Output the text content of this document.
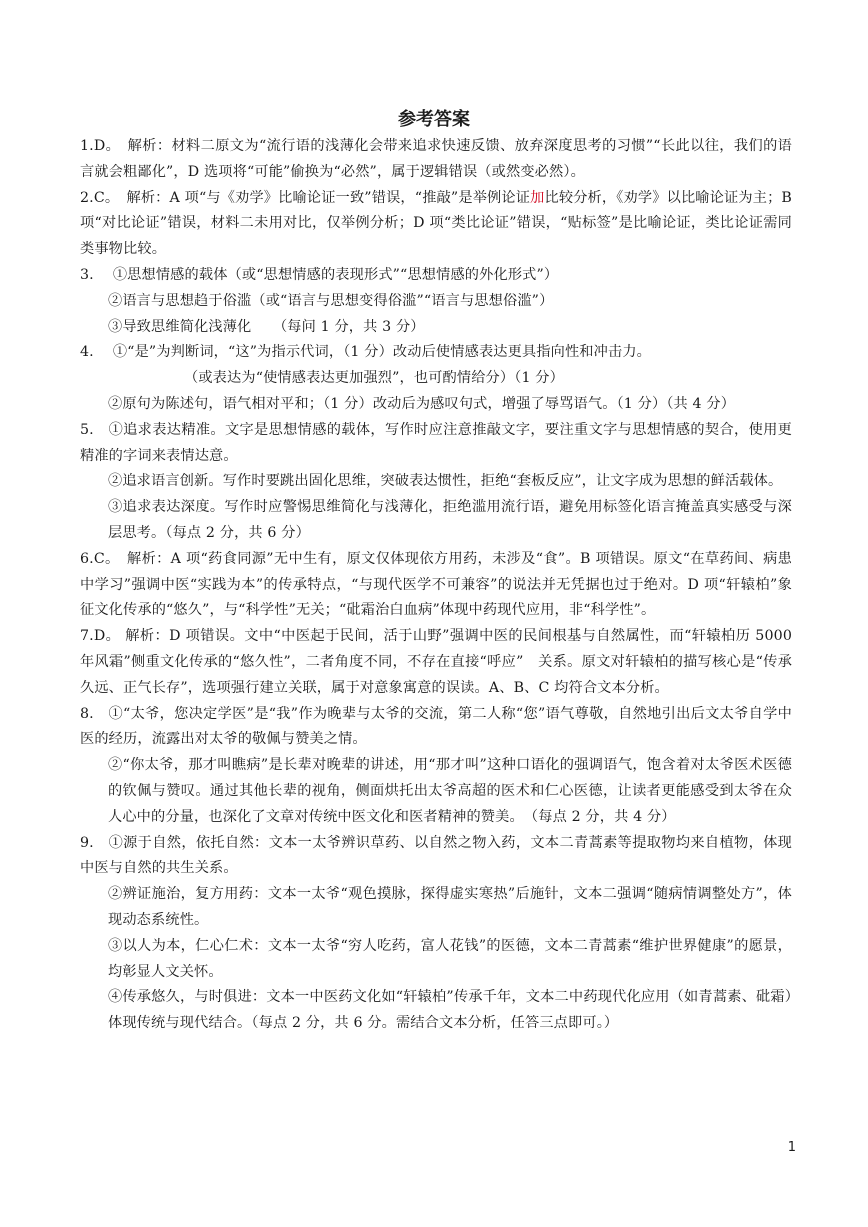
参考答案

1.D。　解析：材料二原文为“流行语的浅薄化会带来追求快速反馈、放弃深度思考的习惯”“长此以往，我们的语言就会粗鄙化”，D 选项将“可能”偷换为“必然”，属于逻辑错误（或然变必然）。

2.C。　解析：A 项“与《劝学》比喻论证一致”错误，“推敲”是举例论证加比较分析，《劝学》以比喻论证为主；B 项“对比论证”错误，材料二未用对比，仅举例分析；D 项“类比论证”错误，“贴标签”是比喻论证，类比论证需同类事物比较。

3.　 ①思想情感的载体（或“思想情感的表现形式”“思想情感的外化形式”）

②语言与思想趋于俗滥（或“语言与思想变得俗滥”“语言与思想俗滥”）

③导致思维简化浅薄化　　（每问 1 分，共 3 分）

4.　 ①“是”为判断词，“这”为指示代词，（1 分）改动后使情感表达更具指向性和冲击力。

（或表达为“使情感表达更加强烈”，也可酌情给分）（1 分）

②原句为陈述句，语气相对平和；（1 分）改动后为感叹句式，增强了辱骂语气。（1 分）（共 4 分）

5.　①追求表达精准。文字是思想情感的载体，写作时应注意推敲文字，要注重文字与思想情感的契合，使用更精准的字词来表情达意。

②追求语言创新。写作时要跳出固化思维，突破表达惯性，拒绝“套板反应”，让文字成为思想的鲜活载体。

③追求表达深度。写作时应警惕思维简化与浅薄化，拒绝滥用流行语，避免用标签化语言掩盖真实感受与深层思考。（每点 2 分，共 6 分）

6.C。　解析：A 项“药食同源”无中生有，原文仅体现依方用药，未涉及“食”。B 项错误。原文“在草药间、病患中学习”强调中医“实践为本”的传承特点，“与现代医学不可兼容”的说法并无凭据也过于绝对。D 项“轩辕柏”象征文化传承的“悠久”，与“科学性”无关；“砒霜治白血病”体现中药现代应用，非“科学性”。

7.D。 解析：D 项错误。文中“中医起于民间，活于山野”强调中医的民间根基与自然属性，而“轩辕柏历 5000 年风霜”侧重文化传承的“悠久性”，二者角度不同，不存在直接“呼应”　关系。原文对轩辕柏的描写核心是“传承久远、正气长存”，选项强行建立关联，属于对意象寓意的误读。A、B、C 均符合文本分析。

8.　①“太爷，您决定学医”是“我”作为晚辈与太爷的交流，第二人称“您”语气尊敬，自然地引出后文太爷自学中医的经历，流露出对太爷的敬佩与赞美之情。

②“你太爷，那才叫瞧病”是长辈对晚辈的讲述，用“那才叫”这种口语化的强调语气，饱含着对太爷医术医德的钦佩与赞叹。通过其他长辈的视角，侧面烘托出太爷高超的医术和仁心医德，让读者更能感受到太爷在众人心中的分量，也深化了文章对传统中医文化和医者精神的赞美。　（每点 2 分，共 4 分）

9.　①源于自然，依托自然：文本一太爷辨识草药、以自然之物入药，文本二青蒿素等提取物均来自植物，体现中医与自然的共生关系。

②辨证施治，复方用药：文本一太爷“观色摸脉，探得虚实寒热”后施针，文本二强调“随病情调整处方”，体现动态系统性。

③以人为本，仁心仁术：文本一太爷“穷人吃药，富人花钱”的医德，文本二青蒿素“维护世界健康”的愿景，均彰显人文关怀。

④传承悠久，与时俱进：文本一中医药文化如“轩辕柏”传承千年，文本二中药现代化应用（如青蒿素、砒霜）体现传统与现代结合。（每点 2 分，共 6 分。需结合文本分析，任答三点即可。）

1
